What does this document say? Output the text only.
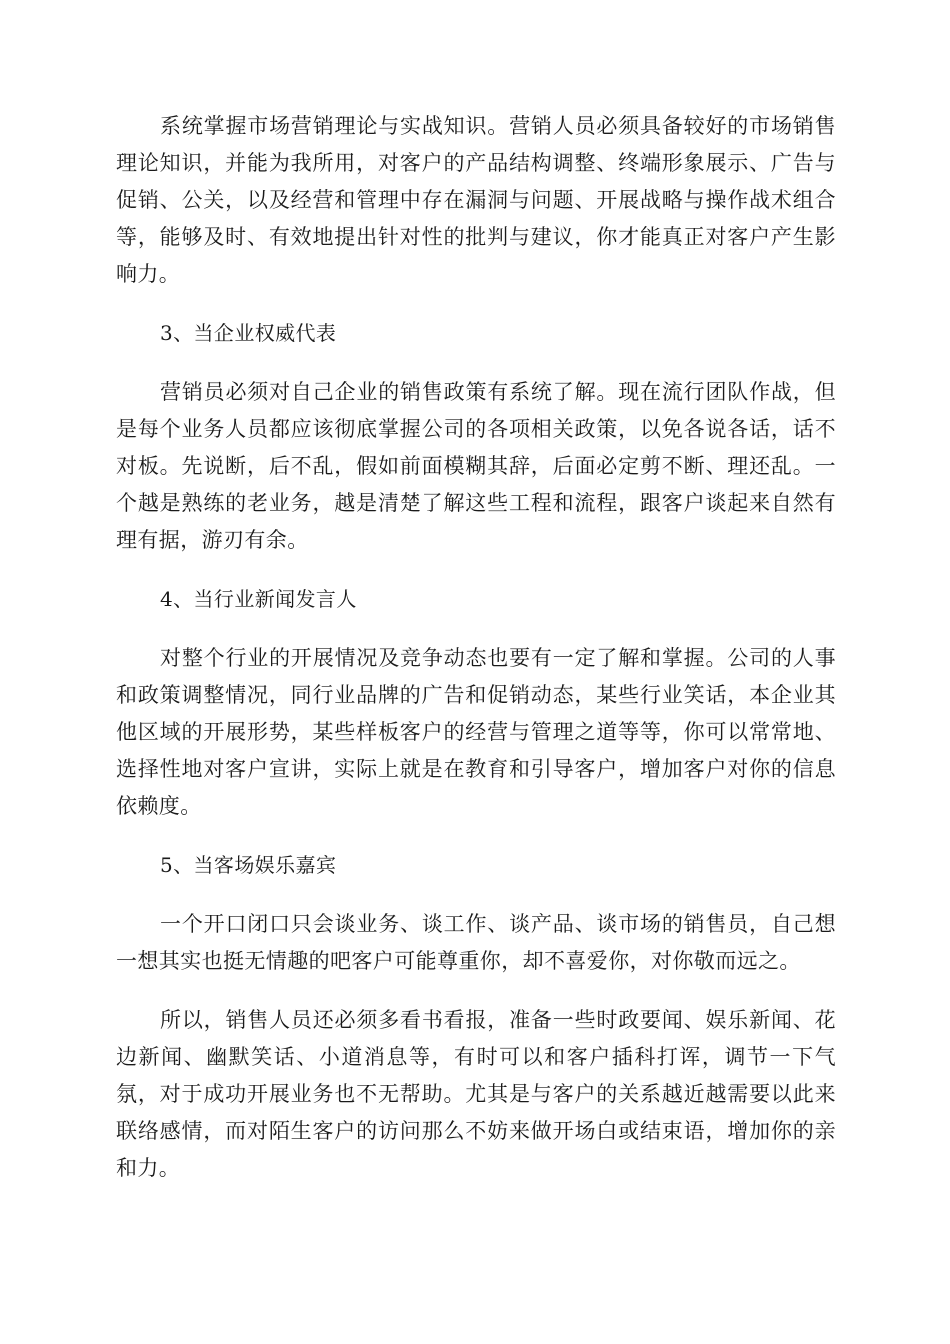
系统掌握市场营销理论与实战知识。营销人员必须具备较好的市场销售理论知识，并能为我所用，对客户的产品结构调整、终端形象展示、广告与促销、公关，以及经营和管理中存在漏洞与问题、开展战略与操作战术组合等，能够及时、有效地提出针对性的批判与建议，你才能真正对客户产生影响力。

3、当企业权威代表

营销员必须对自己企业的销售政策有系统了解。现在流行团队作战，但是每个业务人员都应该彻底掌握公司的各项相关政策，以免各说各话，话不对板。先说断，后不乱，假如前面模糊其辞，后面必定剪不断、理还乱。一个越是熟练的老业务，越是清楚了解这些工程和流程，跟客户谈起来自然有理有据，游刃有余。

4、当行业新闻发言人

对整个行业的开展情况及竞争动态也要有一定了解和掌握。公司的人事和政策调整情况，同行业品牌的广告和促销动态，某些行业笑话，本企业其他区域的开展形势，某些样板客户的经营与管理之道等等，你可以常常地、选择性地对客户宣讲，实际上就是在教育和引导客户，增加客户对你的信息依赖度。

5、当客场娱乐嘉宾

一个开口闭口只会谈业务、谈工作、谈产品、谈市场的销售员，自己想一想其实也挺无情趣的吧客户可能尊重你，却不喜爱你，对你敬而远之。

所以，销售人员还必须多看书看报，准备一些时政要闻、娱乐新闻、花边新闻、幽默笑话、小道消息等，有时可以和客户插科打诨，调节一下气氛，对于成功开展业务也不无帮助。尤其是与客户的关系越近越需要以此来联络感情，而对陌生客户的访问那么不妨来做开场白或结束语，增加你的亲和力。
